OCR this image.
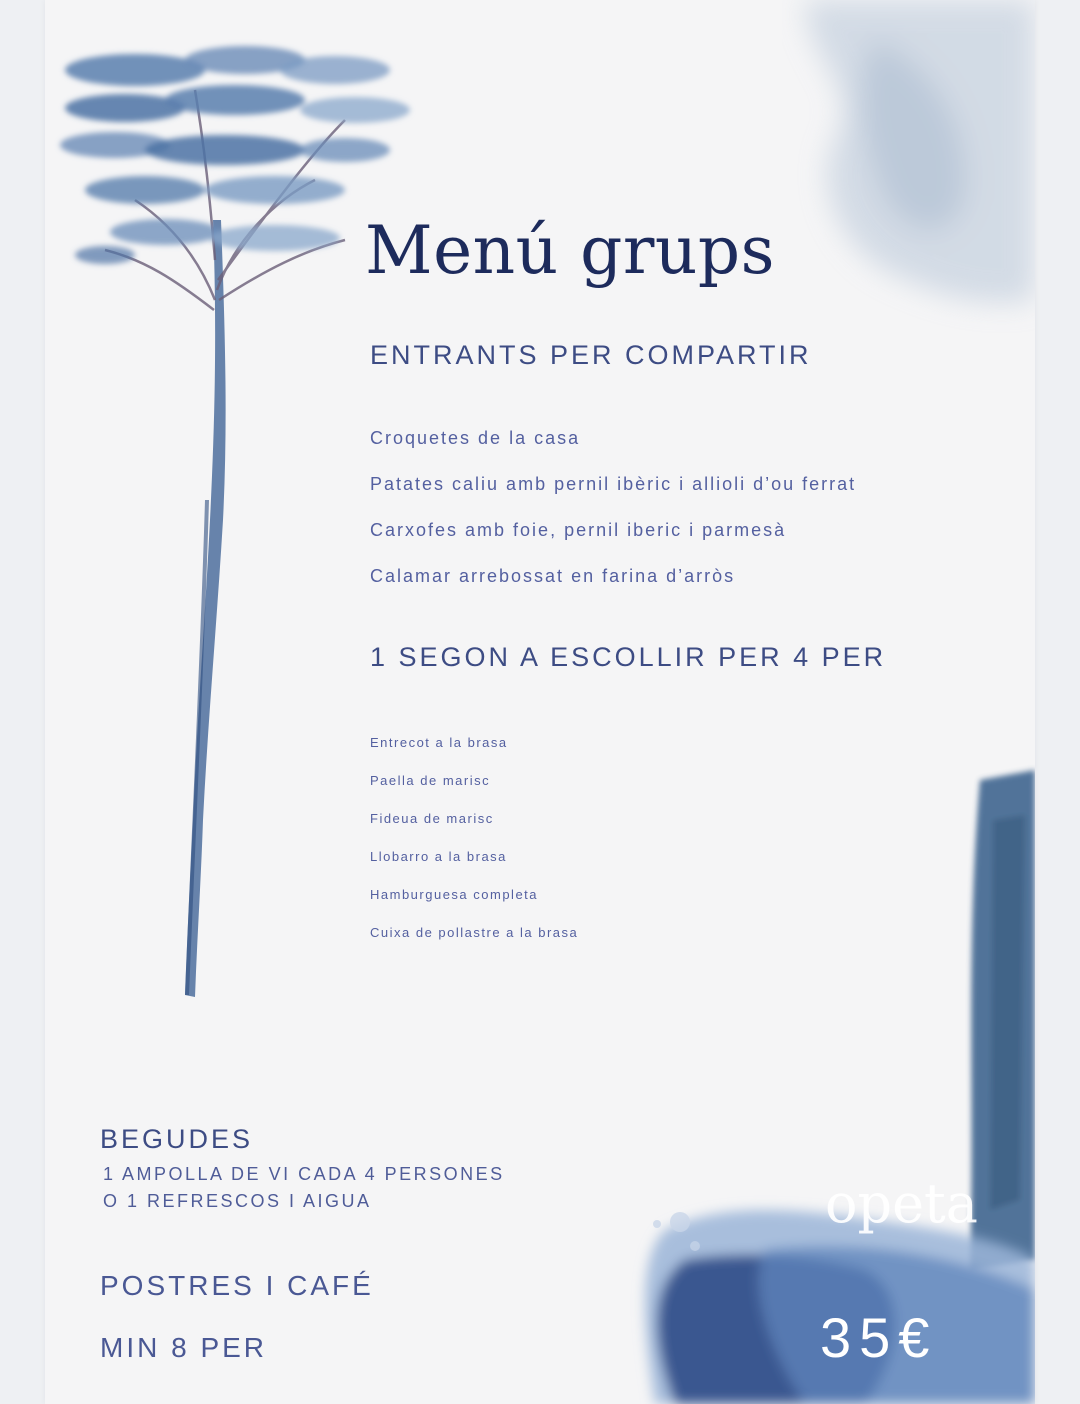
Menú grups
ENTRANTS PER COMPARTIR
Croquetes de la casa
Patates caliu amb pernil ibèric i allioli d’ou ferrat
Carxofes amb foie, pernil iberic i parmesà
Calamar arrebossat en farina d’arròs
1 SEGON A ESCOLLIR PER 4 PER
Entrecot a la brasa
Paella de marisc
Fideua de marisc
Llobarro a la brasa
Hamburguesa completa
Cuixa de pollastre a la brasa
BEGUDES

1 AMPOLLA DE VI CADA 4 PERSONES

O 1 REFRESCOS I AIGUA

POSTRES I CAFÉ
MIN 8 PER

opeta

35€
